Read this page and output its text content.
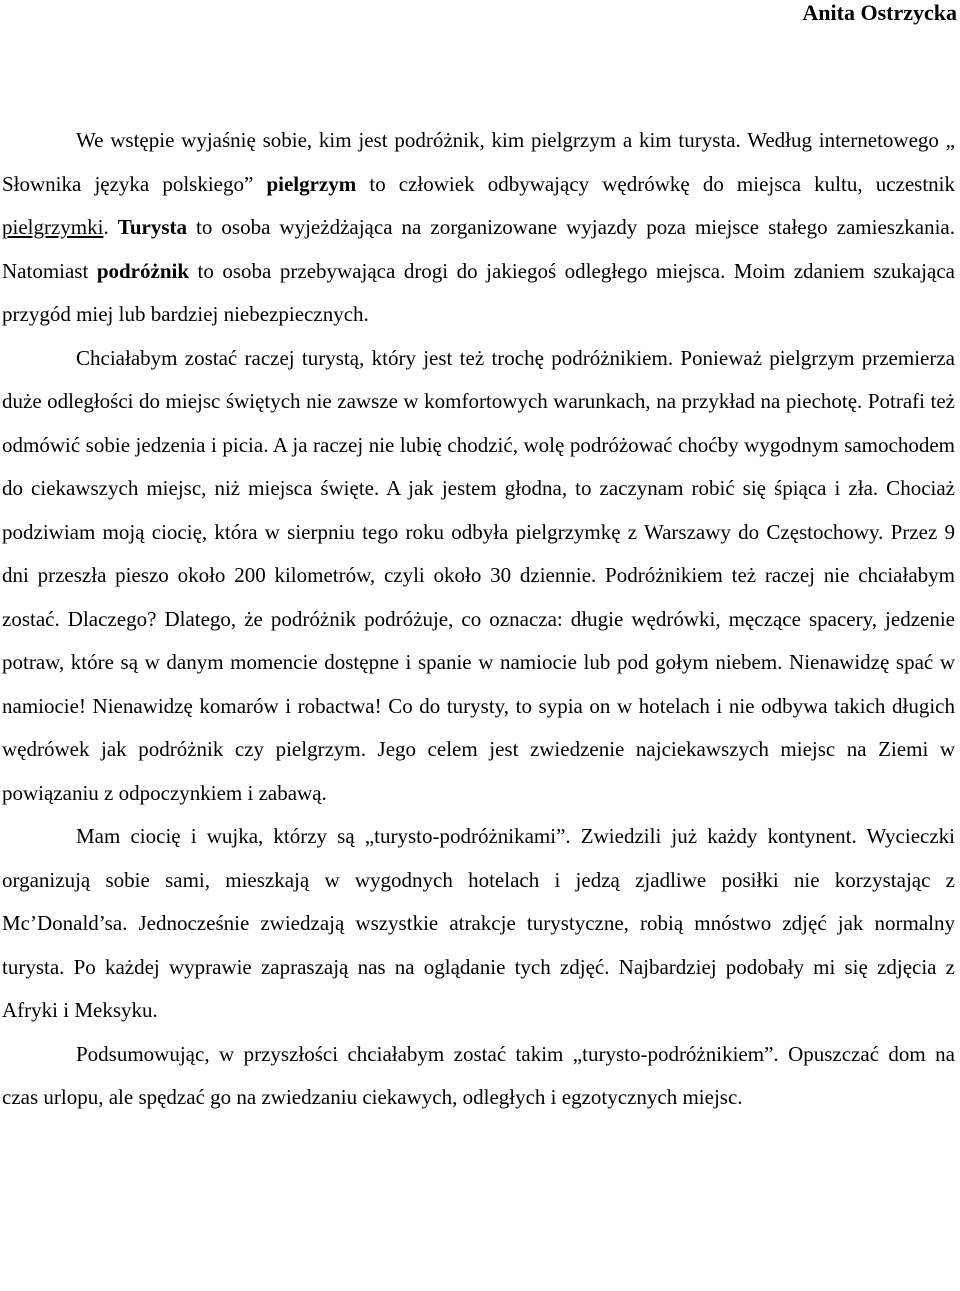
Anita Ostrzycka

We wstępie wyjaśnię sobie, kim jest podróżnik, kim pielgrzym a kim turysta. Według internetowego „ Słownika języka polskiego” pielgrzym to człowiek odbywający wędrówkę do miejsca kultu, uczestnik pielgrzymki. Turysta to osoba wyjeżdżająca na zorganizowane wyjazdy poza miejsce stałego zamieszkania. Natomiast podróżnik to osoba przebywająca drogi do jakiegoś odległego miejsca. Moim zdaniem szukająca przygód miej lub bardziej niebezpiecznych.

Chciałabym zostać raczej turystą, który jest też trochę podróżnikiem. Ponieważ pielgrzym przemierza duże odległości do miejsc świętych nie zawsze w komfortowych warunkach, na przykład na piechotę. Potrafi też odmówić sobie jedzenia i picia. A ja raczej nie lubię chodzić, wolę podróżować choćby wygodnym samochodem do ciekawszych miejsc, niż miejsca święte. A jak jestem głodna, to zaczynam robić się śpiąca i zła. Chociaż podziwiam moją ciocię, która w sierpniu tego roku odbyła pielgrzymkę z Warszawy do Częstochowy. Przez 9 dni przeszła pieszo około 200 kilometrów, czyli około 30 dziennie. Podróżnikiem też raczej nie chciałabym zostać. Dlaczego? Dlatego, że podróżnik podróżuje, co oznacza: długie wędrówki, męczące spacery, jedzenie potraw, które są w danym momencie dostępne i spanie w namiocie lub pod gołym niebem. Nienawidzę spać w namiocie! Nienawidzę komarów i robactwa! Co do turysty, to sypia on w hotelach i nie odbywa takich długich wędrówek jak podróżnik czy pielgrzym. Jego celem jest zwiedzenie najciekawszych miejsc na Ziemi w powiązaniu z odpoczynkiem i zabawą.

Mam ciocię i wujka, którzy są „turysto-podróżnikami”. Zwiedzili już każdy kontynent. Wycieczki organizują sobie sami, mieszkają w wygodnych hotelach i jedzą zjadliwe posiłki nie korzystając z Mc’Donald’sa. Jednocześnie zwiedzają wszystkie atrakcje turystyczne, robią mnóstwo zdjęć jak normalny turysta. Po każdej wyprawie zapraszają nas na oglądanie tych zdjęć. Najbardziej podobały mi się zdjęcia z Afryki i Meksyku.

Podsumowując, w przyszłości chciałabym zostać takim „turysto-podróżnikiem”. Opuszczać dom na czas urlopu, ale spędzać go na zwiedzaniu ciekawych, odległych i egzotycznych miejsc.
